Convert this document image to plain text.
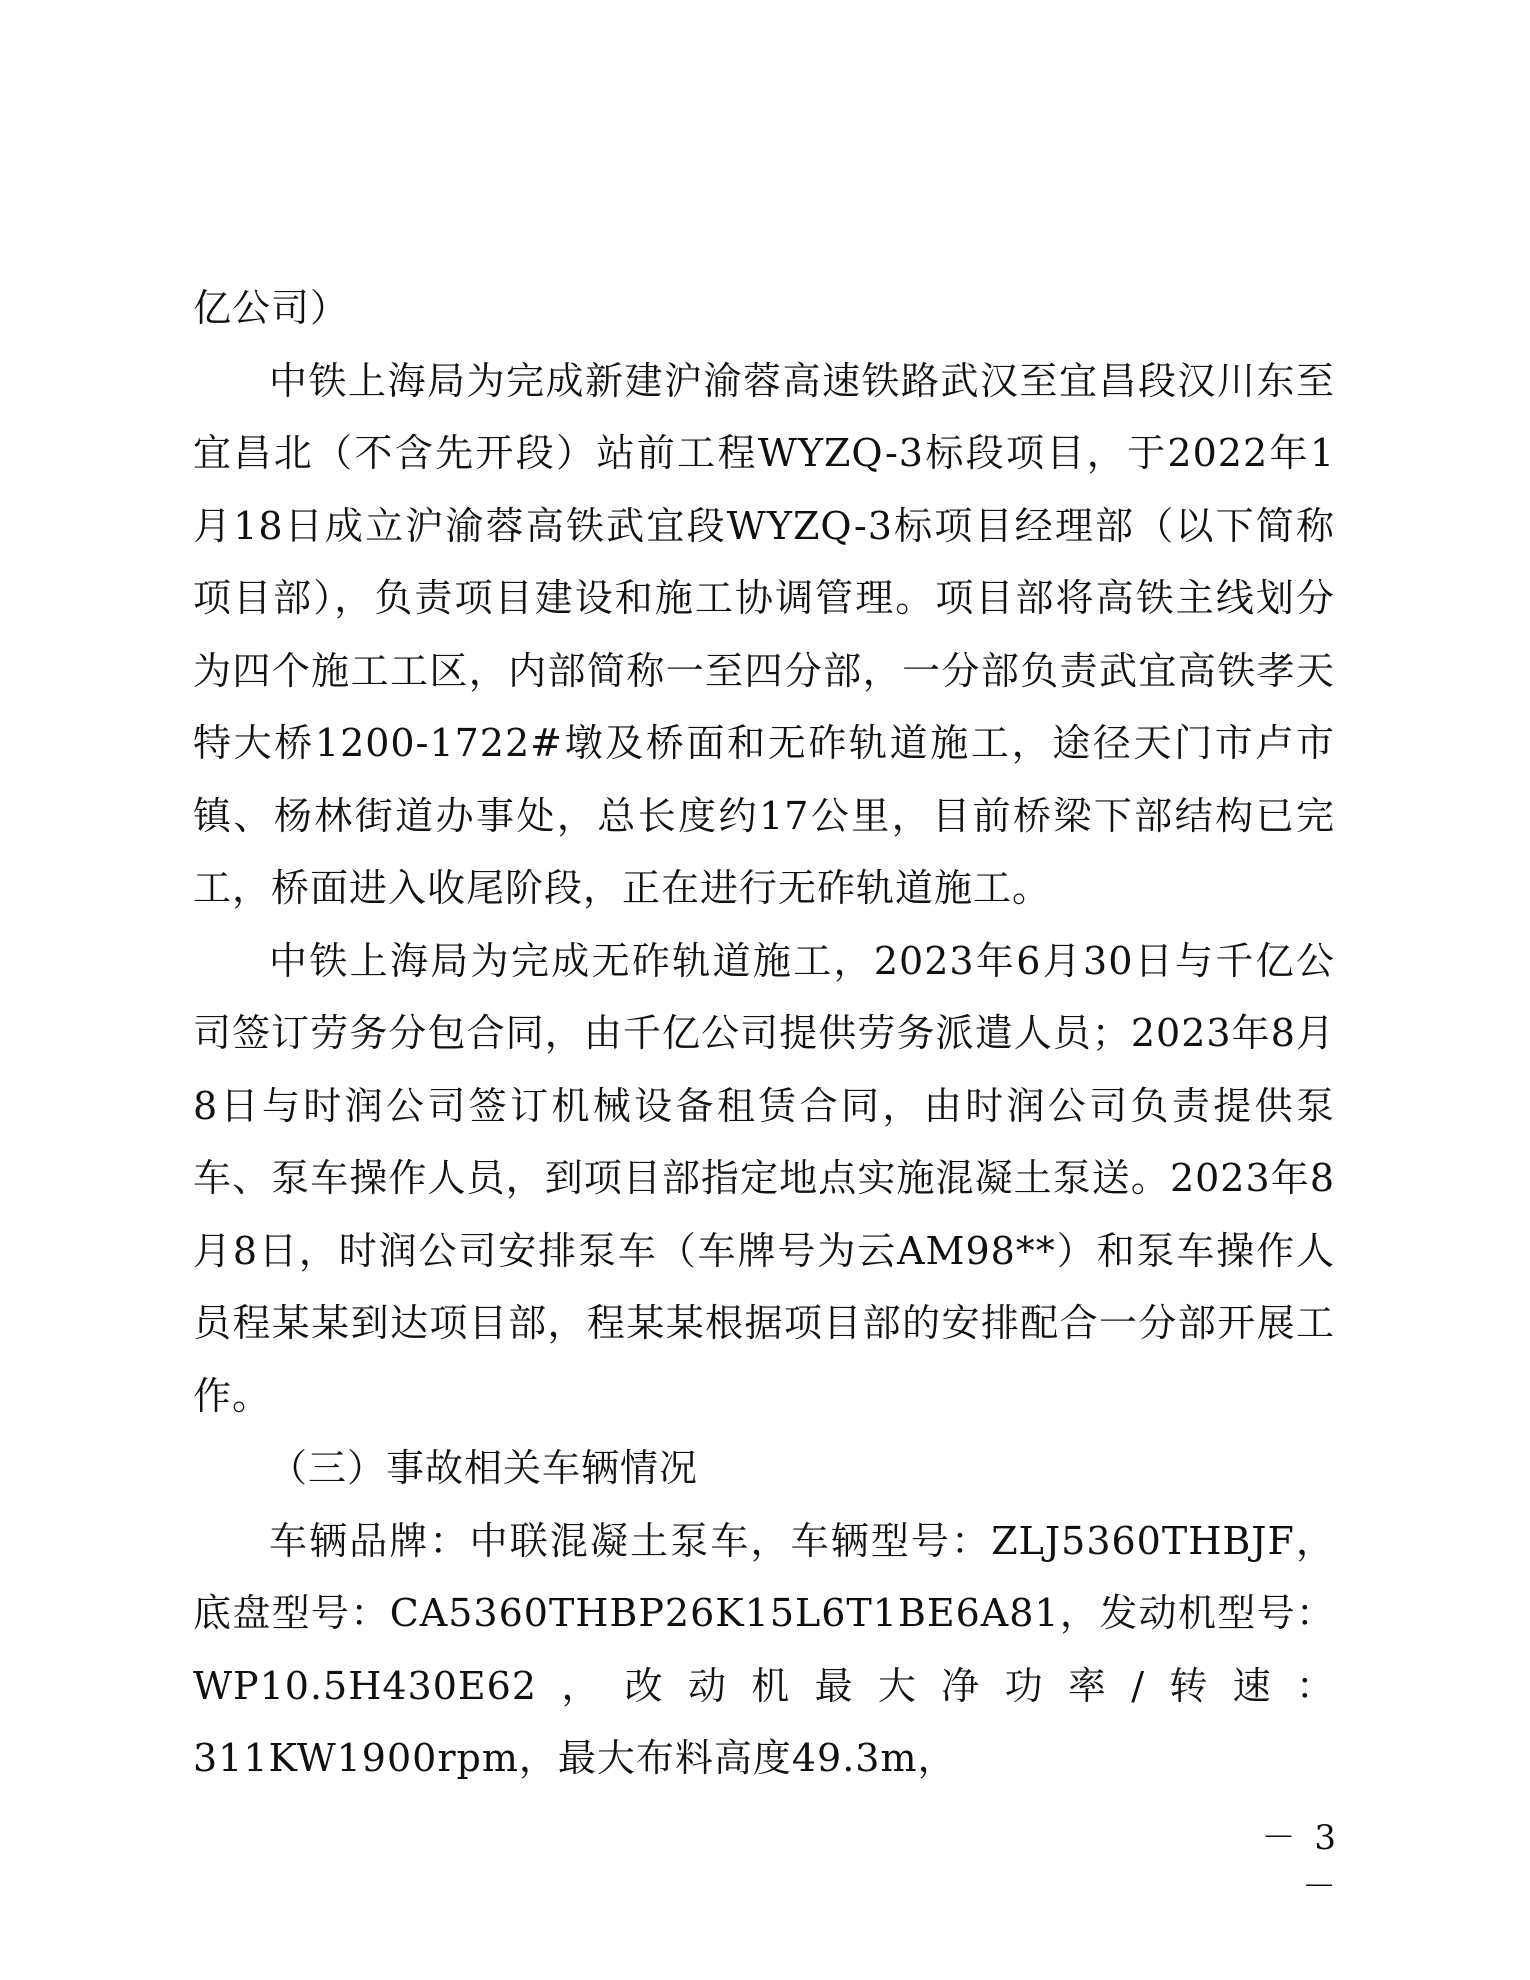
亿公司）

中铁上海局为完成新建沪渝蓉高速铁路武汉至宜昌段汉川东至宜昌北（不含先开段）站前工程WYZQ-3标段项目，于2022年1月18日成立沪渝蓉高铁武宜段WYZQ-3标项目经理部（以下简称项目部），负责项目建设和施工协调管理。项目部将高铁主线划分为四个施工工区，内部简称一至四分部，一分部负责武宜高铁孝天特大桥1200-1722#墩及桥面和无砟轨道施工，途径天门市卢市镇、杨林街道办事处，总长度约17公里，目前桥梁下部结构已完工，桥面进入收尾阶段，正在进行无砟轨道施工。

中铁上海局为完成无砟轨道施工，2023年6月30日与千亿公司签订劳务分包合同，由千亿公司提供劳务派遣人员；2023年8月8日与时润公司签订机械设备租赁合同，由时润公司负责提供泵车、泵车操作人员，到项目部指定地点实施混凝土泵送。2023年8月8日，时润公司安排泵车（车牌号为云AM98**）和泵车操作人员程某某到达项目部，程某某根据项目部的安排配合一分部开展工作。

（三）事故相关车辆情况

车辆品牌：中联混凝土泵车，车辆型号：ZLJ5360THBJF，底盘型号：CA5360THBP26K15L6T1BE6A81，发动机型号：WP10.5H430E62，改动机最大净功率/转速：311KW1900rpm，最大布料高度49.3m，

－ 3 －
